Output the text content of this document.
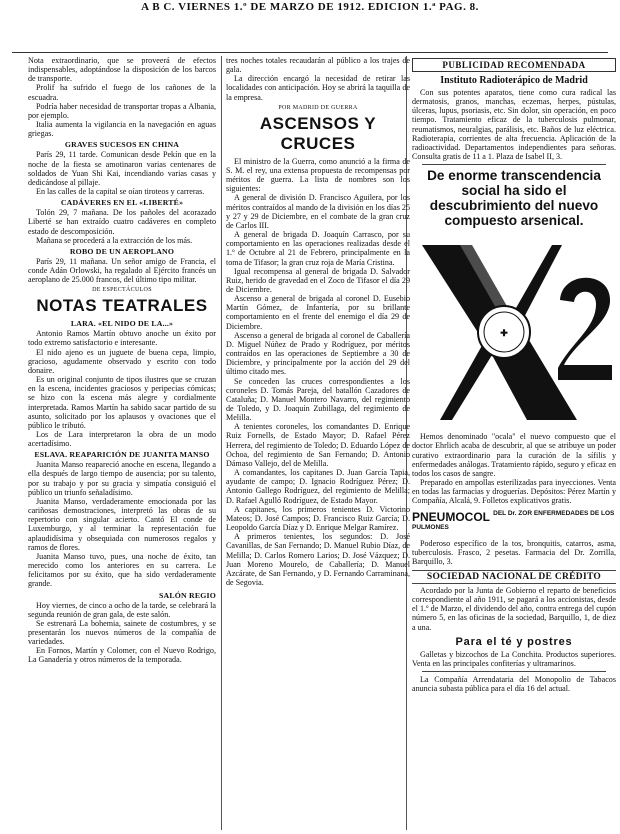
A B C. VIERNES 1.º DE MARZO DE 1912. EDICION 1.ª PAG. 8.

Nota extraordinario, que se proveerá de efectos indispensables, adoptándose la disposición de los barcos de transporte.

Prolif ha sufrido el fuego de los cañones de la escuadra.

Podría haber necesidad de transportar tropas a Albania, por ejemplo.

Italia aumenta la vigilancia en la navegación en aguas griegas.

GRAVES SUCESOS EN CHINA

París 29, 11 tarde. Comunican desde Pekín que en la noche de la fiesta se amotinaron varias centenares de soldados de Yuan Shi Kai, incendiando varias casas y dedicándose al pillaje.

En las calles de la capital se oían tiroteos y carreras.

CADÁVERES EN EL «LIBERTÉ»

Tolón 29, 7 mañana. De los pañoles del acorazado Liberté se han extraído cuatro cadáveres en completo estado de descomposición.

Mañana se procederá a la extracción de los más.

ROBO DE UN AEROPLANO

París 29, 11 mañana. Un señor amigo de Francia, el conde Adán Orlowski, ha regalado al Ejército francés un aeroplano de 25.000 francos, del último tipo militar.

DE ESPECTÁCULOS
NOTAS TEATRALES
LARA. «EL NIDO DE LA...»

Antonio Ramos Martín obtuvo anoche un éxito por todo extremo satisfactorio e interesante.

El nido ajeno es un juguete de buena cepa, limpio, gracioso, agudamente observado y escrito con todo donaire.

Es un original conjunto de tipos ilustres que se cruzan en la escena, incidentes graciosos y peripecias cómicas; se hizo con la escena más alegre y cordialmente interpretada. Ramos Martín ha sabido sacar partido de su asunto, solicitado por los aplausos y ovaciones que el público le tributó.

Los de Lara interpretaron la obra de un modo acertadísimo.

ESLAVA. REAPARICIÓN DE JUANITA MANSO

Juanita Manso reapareció anoche en escena, llegando a ella después de largo tiempo de ausencia; por su talento, por su trabajo y por su gracia y simpatía consiguió el público un triunfo señaladísimo.

Juanita Manso, verdaderamente emocionada por las cariñosas demostraciones, interpretó las obras de su repertorio con singular acierto. Cantó El conde de Luxemburgo, y al terminar la representación fue aplaudidísima y obsequiada con numerosos regalos y ramos de flores.

Juanita Manso tuvo, pues, una noche de éxito, tan merecido como los anteriores en su carrera. Le felicitamos por su éxito, que ha sido verdaderamente grande.

SALÓN REGIO

Hoy viernes, de cinco a ocho de la tarde, se celebrará la segunda reunión de gran gala, de este salón.

Se estrenará La bohemia, sainete de costumbres, y se presentarán los nuevos números de la compañía de variedades.

En Fornos, Martín y Colomer, con el Nuevo Rodrigo, La Ganadería y otros números de la temporada.

tres noches totales recaudarán al público a los trajes de gala.

La dirección encargó la necesidad de retirar las localidades con anticipación. Hoy se abrirá la taquilla de la empresa.

POR MADRID DE GUERRA
ASCENSOS Y CRUCES

El ministro de la Guerra, como anunció a la firma de S. M. el rey, una extensa propuesta de recompensas por méritos de guerra. La lista de nombres son los siguientes:

A general de división D. Francisco Aguilera, por los méritos contraídos al mando de la división en los días 25 y 27 y 29 de Diciembre, en el combate de la gran cruz de Carlos III.

A general de brigada D. Joaquín Carrasco, por su comportamiento en las operaciones realizadas desde el 1.º de Octubre al 21 de Febrero, principalmente en la toma de Tifasor; la gran cruz roja de María Cristina.

Igual recompensa al general de brigada D. Salvador Ruiz, herido de gravedad en el Zoco de Tifasor el día 29 de Diciembre.

Ascenso a general de brigada al coronel D. Eusebio Martín Gómez, de Infantería, por su brillante comportamiento en el frente del enemigo el día 29 de Diciembre.

Ascenso a general de brigada al coronel de Caballería D. Miguel Núñez de Prado y Rodríguez, por méritos contraídos en las operaciones de Septiembre a 30 de Diciembre, y principalmente por la acción del 29 del último citado mes.

Se conceden las cruces correspondientes a los coroneles D. Tomás Pareja, del batallón Cazadores de Cataluña; D. Manuel Montero Navarro, del regimiento de Toledo, y D. Joaquín Zubillaga, del regimiento de Melilla.

A tenientes coroneles, los comandantes D. Enrique Ruiz Fornells, de Estado Mayor; D. Rafael Pérez Herrera, del regimiento de Toledo; D. Eduardo López de Ochoa, del regimiento de San Fernando; D. Antonio Dámaso Vallejo, del de Melilla.

A comandantes, los capitanes D. Juan García Tapia, ayudante de campo; D. Ignacio Rodríguez Pérez; D. Antonio Gallego Rodríguez, del regimiento de Melilla; D. Rafael Agulló Rodríguez, de Estado Mayor.

A capitanes, los primeros tenientes D. Victorino Mateos; D. José Campos; D. Francisco Ruiz García; D. Leopoldo García Díaz y D. Enrique Melgar Ramírez.

A primeros tenientes, los segundos: D. José Cavanillas, de San Fernando; D. Manuel Rubio Díaz, de Melilla; D. Carlos Romero Larios; D. José Vázquez; D. Juan Moreno Mourelo, de Caballería; D. Manuel Azcárate, de San Fernando, y D. Fernando Carraminana, de Segovia.

PUBLICIDAD RECOMENDADA
Instituto Radioterápico de Madrid

Con sus potentes aparatos, tiene como cura radical las dermatosis, granos, manchas, eczemas, herpes, pústulas, úlceras, lupus, psoriasis, etc. Sin dolor, sin operación, en poco tiempo. Tratamiento eficaz de la tuberculosis pulmonar, reumatismos, neuralgias, parálisis, etc. Baños de luz eléctrica. Radioterapia, corrientes de alta frecuencia. Aplicación de la radioactividad. Departamentos independientes para señoras. Consulta gratis de 11 a 1. Plaza de Isabel II, 3.

De enorme transcendencia social ha sido el descubrimiento del nuevo compuesto arsenical.
✚

Hemos denominado "ocala" el nuevo compuesto que el doctor Ehrlich acaba de descubrir, al que se atribuye un poder curativo extraordinario para la curación de la sífilis y enfermedades análogas. Tratamiento rápido, seguro y eficaz en todos los casos de sangre.

Preparado en ampollas esterilizadas para inyecciones. Venta en todas las farmacias y droguerías. Depósitos: Pérez Martín y Compañía, Alcalá, 9. Folletos explicativos gratis.

PNEUMOCOL $^{DEL Dr. ZOR ENFERMEDADES DE LOS PULMONES}$

Poderoso específico de la tos, bronquitis, catarros, asma, tuberculosis. Frasco, 2 pesetas. Farmacia del Dr. Zorrilla, Barquillo, 3.

SOCIEDAD NACIONAL DE CRÉDITO

Acordado por la Junta de Gobierno el reparto de beneficios correspondiente al año 1911, se pagará a los accionistas, desde el 1.º de Marzo, el dividendo del año, contra entrega del cupón número 5, en las oficinas de la sociedad, Barquillo, 1, de diez a una.

Para el té y postres

Galletas y bizcochos de La Conchita. Productos superiores. Venta en las principales confiterías y ultramarinos.

La Compañía Arrendataria del Monopolio de Tabacos anuncia subasta pública para el día 16 del actual.
